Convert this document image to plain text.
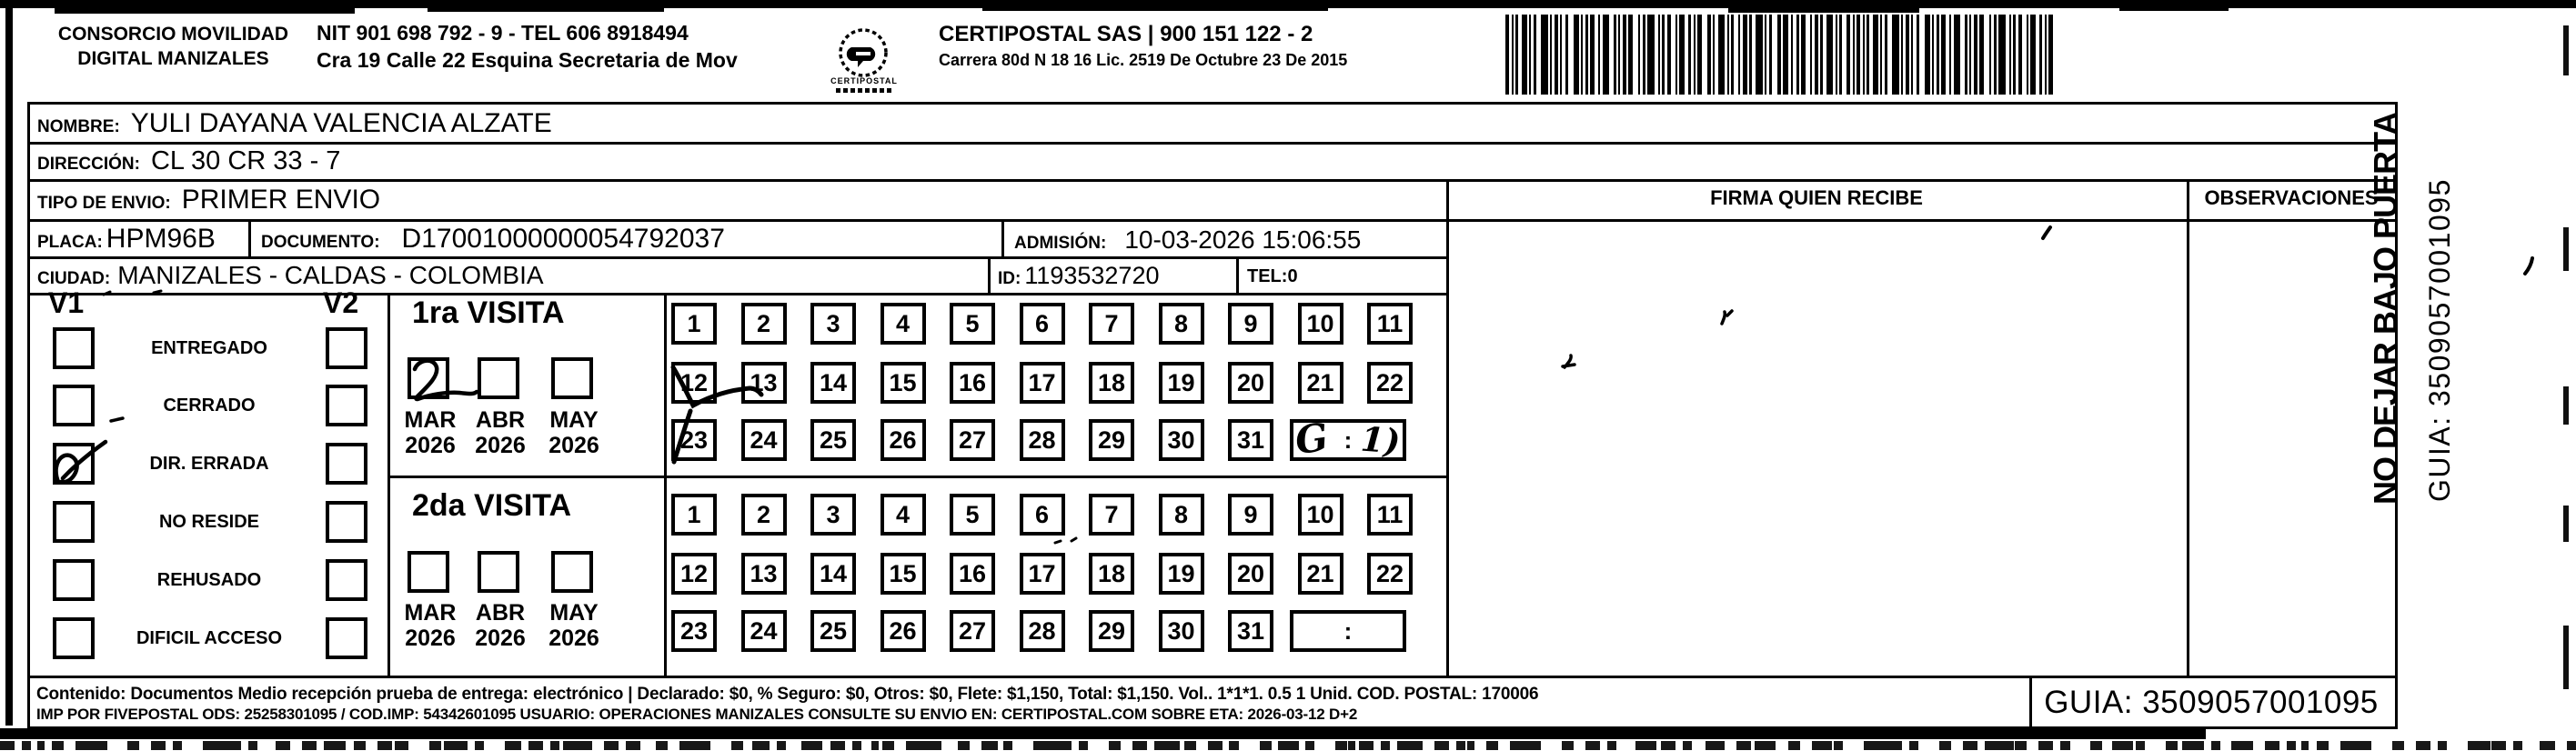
CONSORCIO MOVILIDAD
DIGITAL MANIZALES
NIT 901 698 792 - 9 - TEL 606 8918494
Cra 19 Calle 22 Esquina Secretaria de Mov
CERTIPOSTAL
CERTIPOSTAL SAS | 900 151 122 - 2
Carrera 80d N 18 16 Lic. 2519 De Octubre 23 De 2015
NOMBRE: YULI DAYANA VALENCIA ALZATE
DIRECCIÓN: CL 30 CR 33 - 7
TIPO DE ENVIO: PRIMER ENVIO	FIRMA QUIEN RECIBE	OBSERVACIONES
PLACA: HPM96B	DOCUMENTO: D17001000000054792037	ADMISIÓN: 10-03-2026 15:06:55
CIUDAD: MANIZALES - CALDAS - COLOMBIA	ID: 1193532720	TEL: 0
V1	V2
ENTREGADO
CERRADO
DIR. ERRADA
NO RESIDE
REHUSADO
DIFICIL ACCESO
1ra VISITA
2da VISITA
MAR
2026
ABR
2026
MAY
2026
MAR
2026
ABR
2026
MAY
2026
1	2	3	4	5	6	7	8	9	10	11
12	13	14	15	16	17	18	19	20	21	22
23	24	25	26	27	28	29	30	31	:
1	2	3	4	5	6	7	8	9	10	11
12	13	14	15	16	17	18	19	20	21	22
23	24	25	26	27	28	29	30	31	:
Contenido: Documentos Medio recepción prueba de entrega: electrónico | Declarado: $0, % Seguro: $0, Otros: $0, Flete: $1,150, Total: $1,150. Vol.. 1*1*1. 0.5 1 Unid. COD. POSTAL: 170006
IMP POR FIVEPOSTAL ODS: 25258301095 / COD.IMP: 54342601095 USUARIO: OPERACIONES MANIZALES CONSULTE SU ENVIO EN: CERTIPOSTAL.COM SOBRE ETA: 2026-03-12 D+2	GUIA: 3509057001095
NO DEJAR BAJO PUERTA GUIA: 3509057001095
G 1)
